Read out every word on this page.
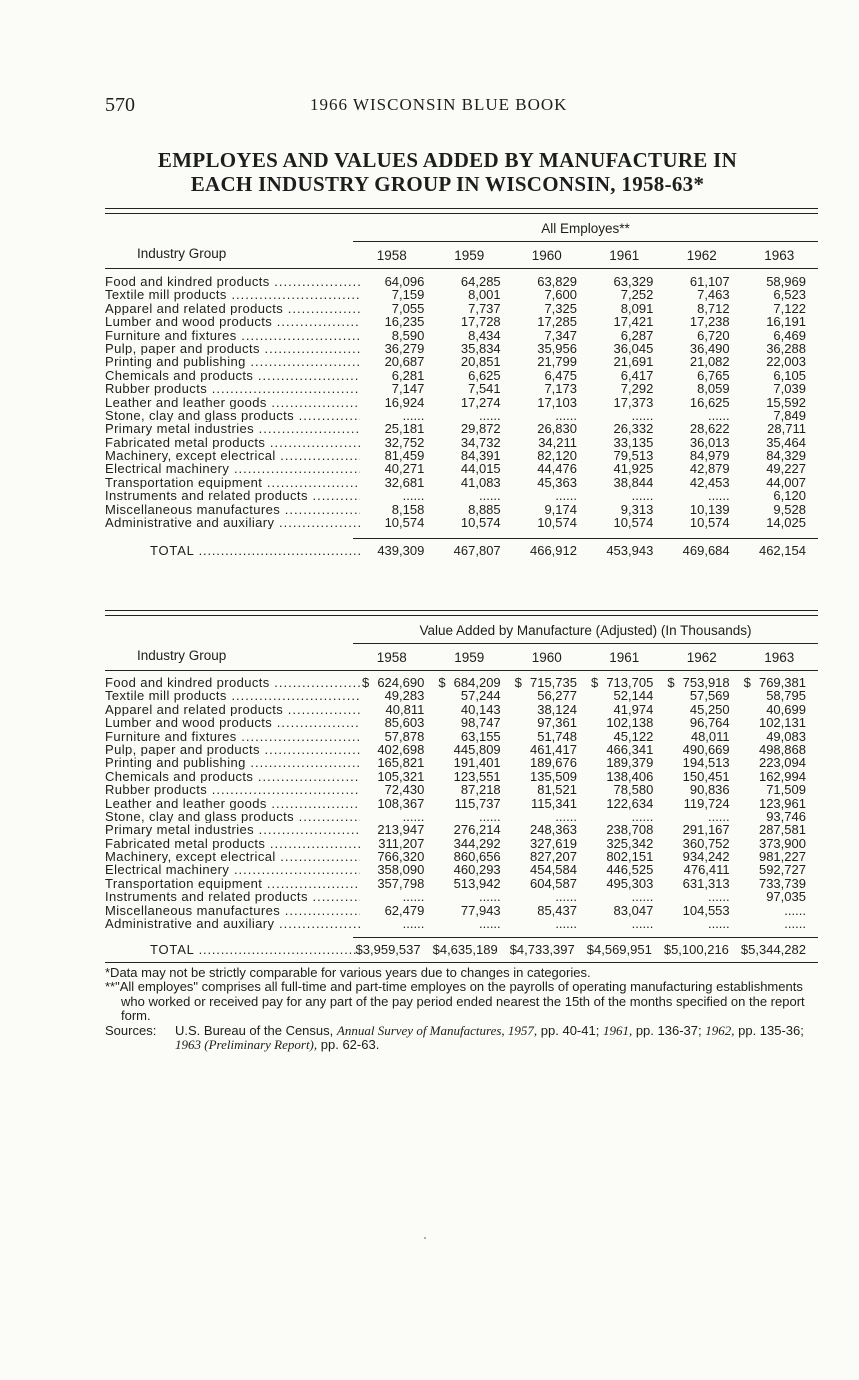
570	1966 WISCONSIN BLUE BOOK
EMPLOYES AND VALUES ADDED BY MANUFACTURE IN
EACH INDUSTRY GROUP IN WISCONSIN, 1958-63*
All Employes**
Industry Group	1958	1959	1960	1961	1962	1963
Food and kindred products .....	64,096	64,285	63,829	63,329	61,107	58,969
Textile mill products .....	7,159	8,001	7,600	7,252	7,463	6,523
Apparel and related products .....	7,055	7,737	7,325	8,091	8,712	7,122
Lumber and wood products .....	16,235	17,728	17,285	17,421	17,238	16,191
Furniture and fixtures .....	8,590	8,434	7,347	6,287	6,720	6,469
Pulp, paper and products .....	36,279	35,834	35,956	36,045	36,490	36,288
Printing and publishing .....	20,687	20,851	21,799	21,691	21,082	22,003
Chemicals and products .....	6,281	6,625	6,475	6,417	6,765	6,105
Rubber products .....	7,147	7,541	7,173	7,292	8,059	7,039
Leather and leather goods .....	16,924	17,274	17,103	17,373	16,625	15,592
Stone, clay and glass products .....	......	......	......	......	......	7,849
Primary metal industries .....	25,181	29,872	26,830	26,332	28,622	28,711
Fabricated metal products .....	32,752	34,732	34,211	33,135	36,013	35,464
Machinery, except electrical .....	81,459	84,391	82,120	79,513	84,979	84,329
Electrical machinery .....	40,271	44,015	44,476	41,925	42,879	49,227
Transportation equipment .....	32,681	41,083	45,363	38,844	42,453	44,007
Instruments and related products .....	......	......	......	......	......	6,120
Miscellaneous manufactures .....	8,158	8,885	9,174	9,313	10,139	9,528
Administrative and auxiliary .....	10,574	10,574	10,574	10,574	10,574	14,025
TOTAL .....	439,309	467,807	466,912	453,943	469,684	462,154
Value Added by Manufacture (Adjusted) (In Thousands)
Industry Group	1958	1959	1960	1961	1962	1963
Food and kindred products .....	$ 624,690	$ 684,209	$ 715,735	$ 713,705	$ 753,918	$ 769,381
Textile mill products .....	49,283	57,244	56,277	52,144	57,569	58,795
Apparel and related products .....	40,811	40,143	38,124	41,974	45,250	40,699
Lumber and wood products .....	85,603	98,747	97,361	102,138	96,764	102,131
Furniture and fixtures .....	57,878	63,155	51,748	45,122	48,011	49,083
Pulp, paper and products .....	402,698	445,809	461,417	466,341	490,669	498,868
Printing and publishing .....	165,821	191,401	189,676	189,379	194,513	223,094
Chemicals and products .....	105,321	123,551	135,509	138,406	150,451	162,994
Rubber products .....	72,430	87,218	81,521	78,580	90,836	71,509
Leather and leather goods .....	108,367	115,737	115,341	122,634	119,724	123,961
Stone, clay and glass products .....	......	......	......	......	......	93,746
Primary metal industries .....	213,947	276,214	248,363	238,708	291,167	287,581
Fabricated metal products .....	311,207	344,292	327,619	325,342	360,752	373,900
Machinery, except electrical .....	766,320	860,656	827,207	802,151	934,242	981,227
Electrical machinery .....	358,090	460,293	454,584	446,525	476,411	592,727
Transportation equipment .....	357,798	513,942	604,587	495,303	631,313	733,739
Instruments and related products .....	......	......	......	......	......	97,035
Miscellaneous manufactures .....	62,479	77,943	85,437	83,047	104,553	......
Administrative and auxiliary .....	......	......	......	......	......	......
TOTAL .....	$3,959,537 $4,635,189 $4,733,397 $4,569,951 $5,100,216 $5,344,282

*Data may not be strictly comparable for various years due to changes in categories.

**"All employes" comprises all full-time and part-time employes on the payrolls of operating manufacturing establishments who worked or received pay for any part of the pay period ended nearest the 15th of the months specified on the report form.

Sources:	U.S. Bureau of the Census, Annual Survey of Manufactures, 1957, pp. 40-41; 1961, pp. 136-37; 1962, pp. 135-36; 1963 (Preliminary Report), pp. 62-63.
